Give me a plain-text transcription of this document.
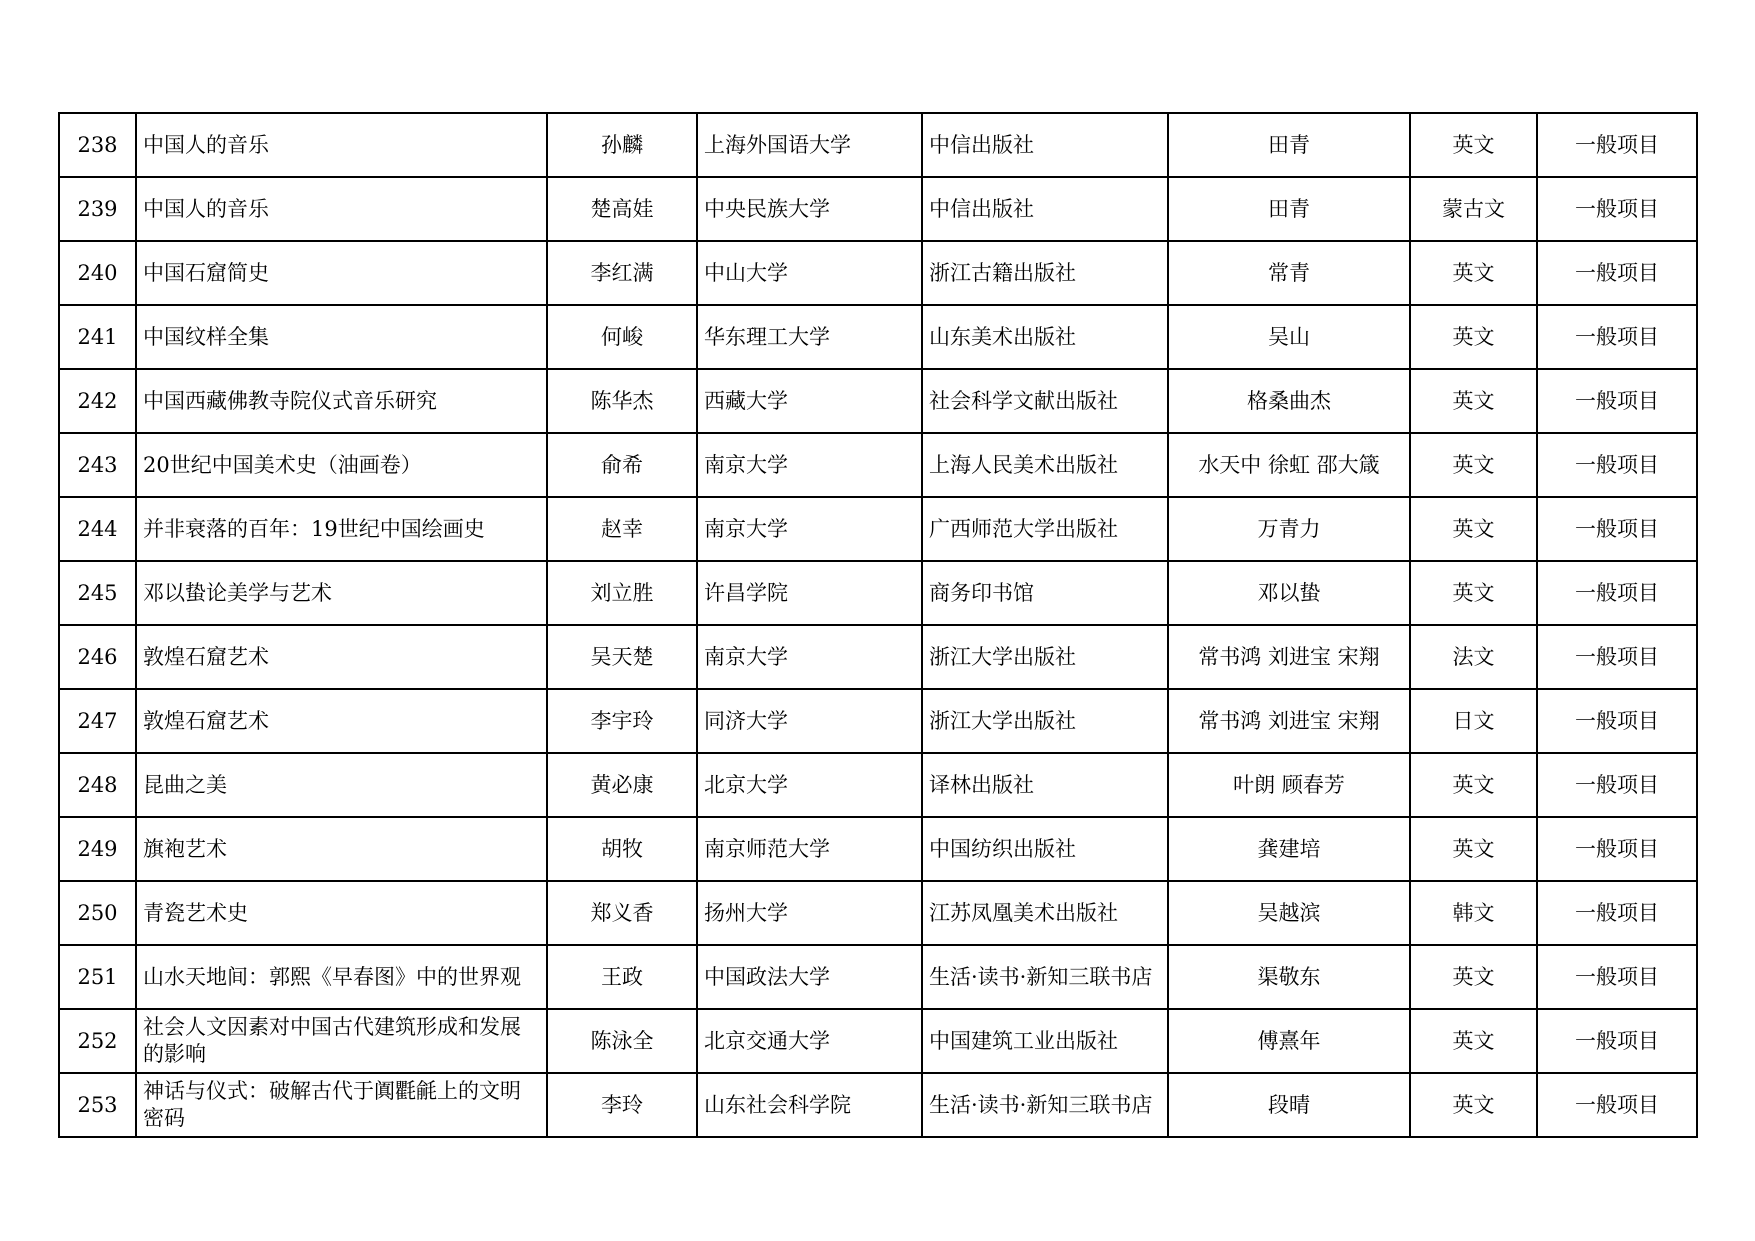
238	中国人的音乐	孙麟	上海外国语大学	中信出版社	田青	英文	一般项目
239	中国人的音乐	楚高娃	中央民族大学	中信出版社	田青	蒙古文	一般项目
240	中国石窟简史	李红满	中山大学	浙江古籍出版社	常青	英文	一般项目
241	中国纹样全集	何峻	华东理工大学	山东美术出版社	吴山	英文	一般项目
242	中国西藏佛教寺院仪式音乐研究	陈华杰	西藏大学	社会科学文献出版社	格桑曲杰	英文	一般项目
243	20世纪中国美术史（油画卷）	俞希	南京大学	上海人民美术出版社	水天中 徐虹 邵大箴	英文	一般项目
244	并非衰落的百年：19世纪中国绘画史	赵幸	南京大学	广西师范大学出版社	万青力	英文	一般项目
245	邓以蛰论美学与艺术	刘立胜	许昌学院	商务印书馆	邓以蛰	英文	一般项目
246	敦煌石窟艺术	吴天楚	南京大学	浙江大学出版社	常书鸿 刘进宝 宋翔	法文	一般项目
247	敦煌石窟艺术	李宇玲	同济大学	浙江大学出版社	常书鸿 刘进宝 宋翔	日文	一般项目
248	昆曲之美	黄必康	北京大学	译林出版社	叶朗 顾春芳	英文	一般项目
249	旗袍艺术	胡牧	南京师范大学	中国纺织出版社	龚建培	英文	一般项目
250	青瓷艺术史	郑义香	扬州大学	江苏凤凰美术出版社	吴越滨	韩文	一般项目
251	山水天地间：郭熙《早春图》中的世界观	王政	中国政法大学	生活·读书·新知三联书店	渠敬东	英文	一般项目
252	社会人文因素对中国古代建筑形成和发展的影响	陈泳全	北京交通大学	中国建筑工业出版社	傅熹年	英文	一般项目
253	神话与仪式：破解古代于阗氍毹上的文明密码	李玲	山东社会科学院	生活·读书·新知三联书店	段晴	英文	一般项目
